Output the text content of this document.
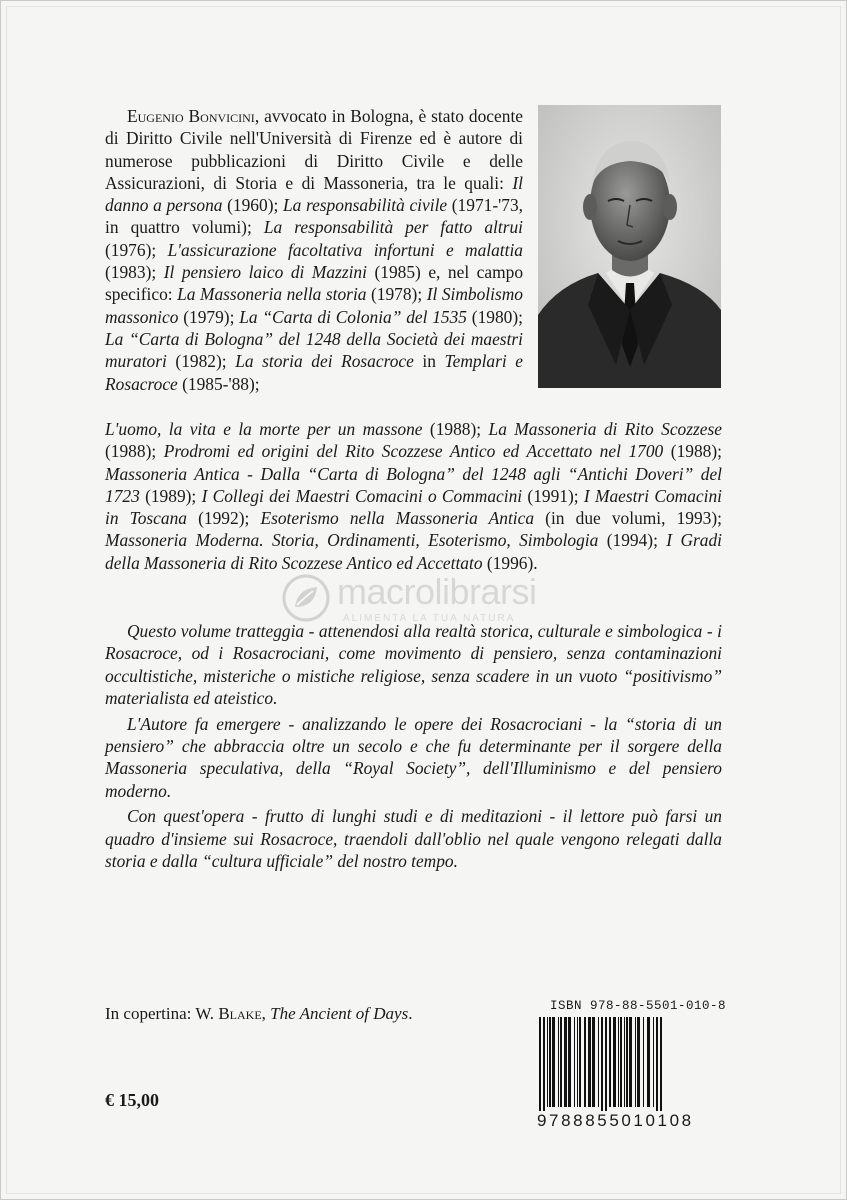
Eugenio Bonvicini, avvocato in Bologna, è stato docente di Diritto Civile nell'Università di Firenze ed è autore di numerose pubblicazioni di Diritto Civile e delle Assicurazioni, di Storia e di Massoneria, tra le quali: Il danno a persona (1960); La responsabilità civile (1971-'73, in quattro volumi); La responsabilità per fatto altrui (1976); L'assicurazione facoltativa infortuni e malattia (1983); Il pensiero laico di Mazzini (1985) e, nel campo specifico: La Massoneria nella storia (1978); Il Simbolismo massonico (1979); La “Carta di Colonia” del 1535 (1980); La “Carta di Bologna” del 1248 della Società dei maestri muratori (1982); La storia dei Rosacroce in Templari e Rosacroce (1985-'88);

L'uomo, la vita e la morte per un massone (1988); La Massoneria di Rito Scozzese (1988); Prodromi ed origini del Rito Scozzese Antico ed Accettato nel 1700 (1988); Massoneria Antica - Dalla “Carta di Bologna” del 1248 agli “Antichi Doveri” del 1723 (1989); I Collegi dei Maestri Comacini o Commacini (1991); I Maestri Comacini in Toscana (1992); Esoterismo nella Massoneria Antica (in due volumi, 1993); Massoneria Moderna. Storia, Ordinamenti, Esoterismo, Simbologia (1994); I Gradi della Massoneria di Rito Scozzese Antico ed Accettato (1996).

macrolibrarsi
ALIMENTA LA TUA NATURA

Questo volume tratteggia - attenendosi alla realtà storica, culturale e simbologica - i Rosacroce, od i Rosacrociani, come movimento di pensiero, senza contaminazioni occultistiche, misteriche o mistiche religiose, senza scadere in un vuoto “positivismo” materialista ed ateistico.

L'Autore fa emergere - analizzando le opere dei Rosacrociani - la “storia di un pensiero” che abbraccia oltre un secolo e che fu determinante per il sorgere della Massoneria speculativa, della “Royal Society”, dell'Illuminismo e del pensiero moderno.

Con quest'opera - frutto di lunghi studi e di meditazioni - il lettore può farsi un quadro d'insieme sui Rosacroce, traendoli dall'oblio nel quale vengono relegati dalla storia e dalla “cultura ufficiale” del nostro tempo.

In copertina: W. Blake, The Ancient of Days.
€ 15,00
ISBN 978-88-5501-010-8
9788855010108
